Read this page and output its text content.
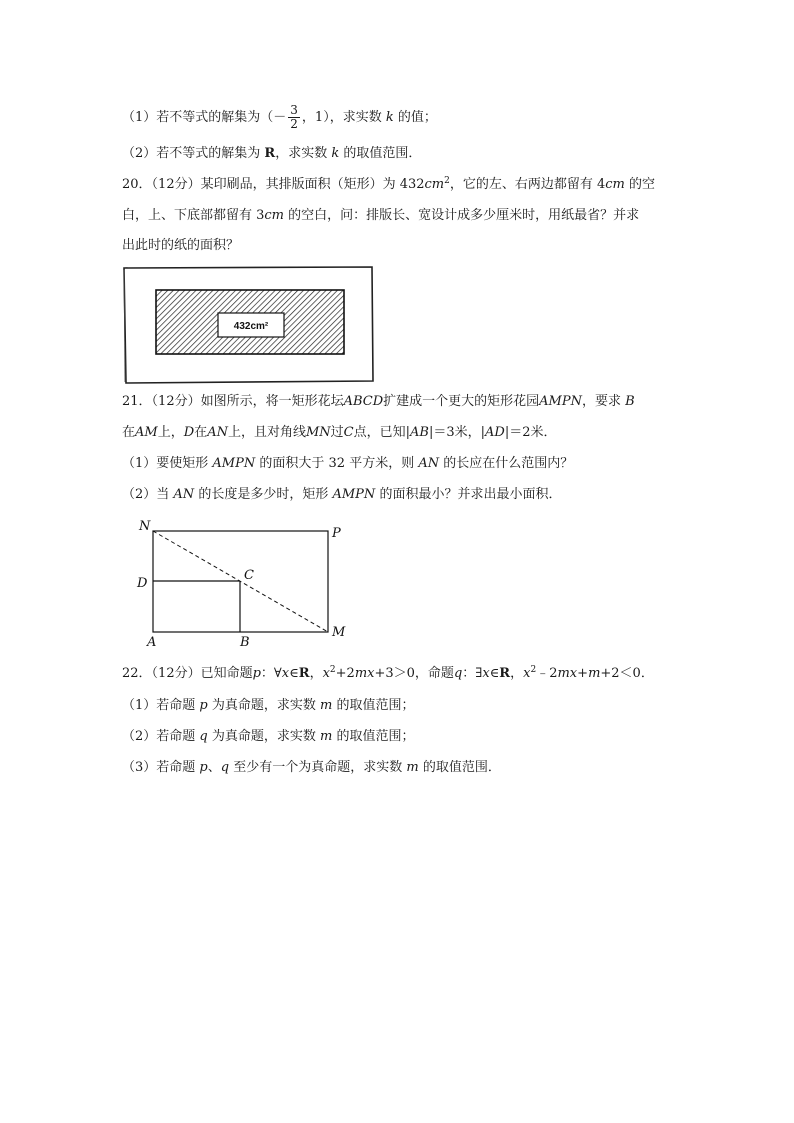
（1）若不等式的解集为（－ $\frac{3}{2}$ ，1），求实数 k 的值；
（2）若不等式的解集为 R，求实数 k 的取值范围．
20．（12分）某印刷品，其排版面积（矩形）为 $432cm^2$，它的左、右两边都留有 4cm 的空
白，上、下底部都留有 3cm 的空白，问：排版长、宽设计成多少厘米时，用纸最省？并求
出此时的纸的面积？
432cm²
21．（12分）如图所示，将一矩形花坛ABCD扩建成一个更大的矩形花园AMPN，要求 B
在AM上，D在AN上，且对角线MN过C点，已知|AB|＝3米，|AD|＝2米．
（1）要使矩形 AMPN 的面积大于 32 平方米，则 AN 的长应在什么范围内？
（2）当 AN 的长度是多少时，矩形 AMPN 的面积最小？并求出最小面积．
N	P
D
C
A	B
M
22．（12分）已知命题p：∀x∈R，$x^2+2mx+3>0$，命题q：∃x∈R，$x^2﹣2mx+m+2<0$．
（1）若命题 p 为真命题，求实数 m 的取值范围；
（2）若命题 q 为真命题，求实数 m 的取值范围；
（3）若命题 p、q 至少有一个为真命题，求实数 m 的取值范围．
